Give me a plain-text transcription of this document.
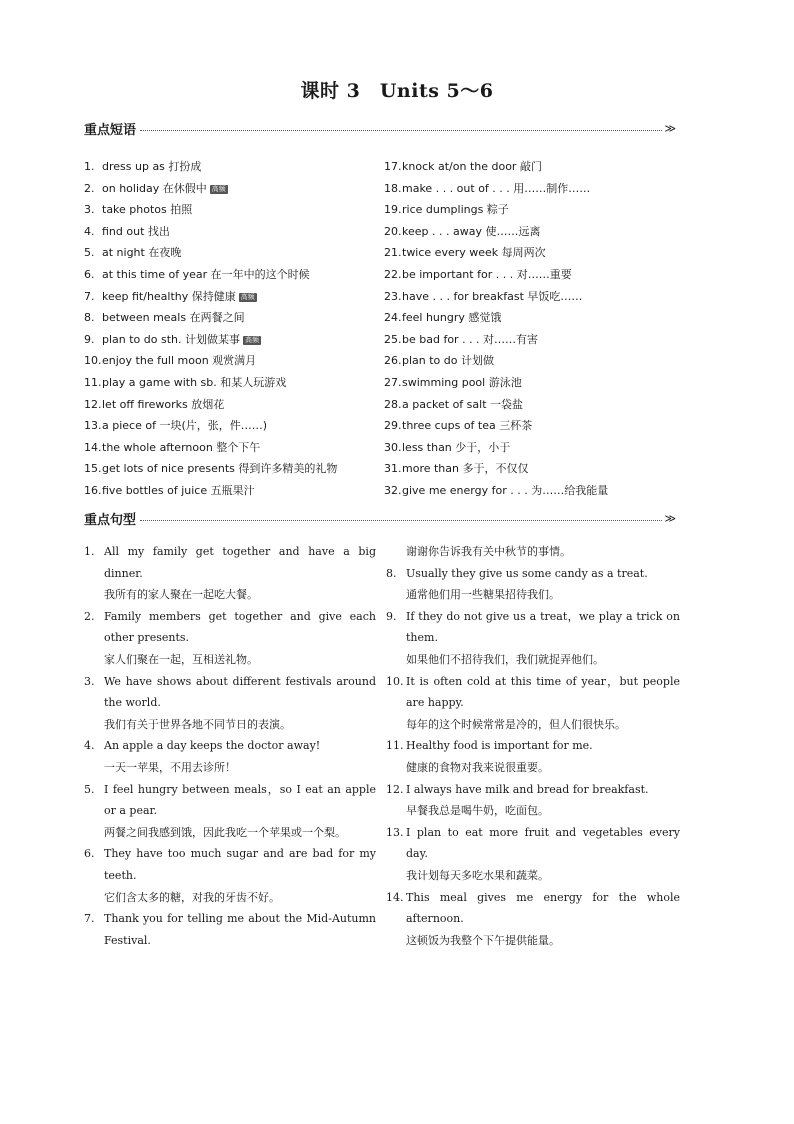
课时 3　Units 5～6
重点短语	≫
1. dress up as 打扮成
2. on holiday 在休假中 高频
3. take photos 拍照
4. find out 找出
5. at night 在夜晚
6. at this time of year 在一年中的这个时候
7. keep fit/healthy 保持健康 高频
8. between meals 在两餐之间
9. plan to do sth. 计划做某事 高频
10.enjoy the full moon 观赏满月
11.play a game with sb. 和某人玩游戏
12.let off fireworks 放烟花
13.a piece of 一块(片，张，件……)
14.the whole afternoon 整个下午
15.get lots of nice presents 得到许多精美的礼物
16.five bottles of juice 五瓶果汁
17.knock at/on the door 敲门
18.make . . . out of . . . 用……制作……
19.rice dumplings 粽子
20.keep . . . away 使……远离
21.twice every week 每周两次
22.be important for . . . 对……重要
23.have . . . for breakfast 早饭吃……
24.feel hungry 感觉饿
25.be bad for . . . 对……有害
26.plan to do 计划做
27.swimming pool 游泳池
28.a packet of salt 一袋盐
29.three cups of tea 三杯茶
30.less than 少于，小于
31.more than 多于，不仅仅
32.give me energy for . . . 为……给我能量
重点句型	≫
1. All my family get together and have a big dinner.
我所有的家人聚在一起吃大餐。
2. Family members get together and give each other presents.
家人们聚在一起，互相送礼物。
3. We have shows about different festivals around the world.
我们有关于世界各地不同节日的表演。
4. An apple a day keeps the doctor away!
一天一苹果，不用去诊所！
5. I feel hungry between meals，so I eat an apple or a pear.
两餐之间我感到饿，因此我吃一个苹果或一个梨。
6. They have too much sugar and are bad for my teeth.
它们含太多的糖，对我的牙齿不好。
7. Thank you for telling me about the Mid-Autumn Festival.
谢谢你告诉我有关中秋节的事情。
8. Usually they give us some candy as a treat.
通常他们用一些糖果招待我们。
9. If they do not give us a treat，we play a trick on them.
如果他们不招待我们，我们就捉弄他们。
10. It is often cold at this time of year，but people are happy.
每年的这个时候常常是冷的，但人们很快乐。
11. Healthy food is important for me.
健康的食物对我来说很重要。
12. I always have milk and bread for breakfast.
早餐我总是喝牛奶，吃面包。
13. I plan to eat more fruit and vegetables every day.
我计划每天多吃水果和蔬菜。
14. This meal gives me energy for the whole afternoon.
这顿饭为我整个下午提供能量。
